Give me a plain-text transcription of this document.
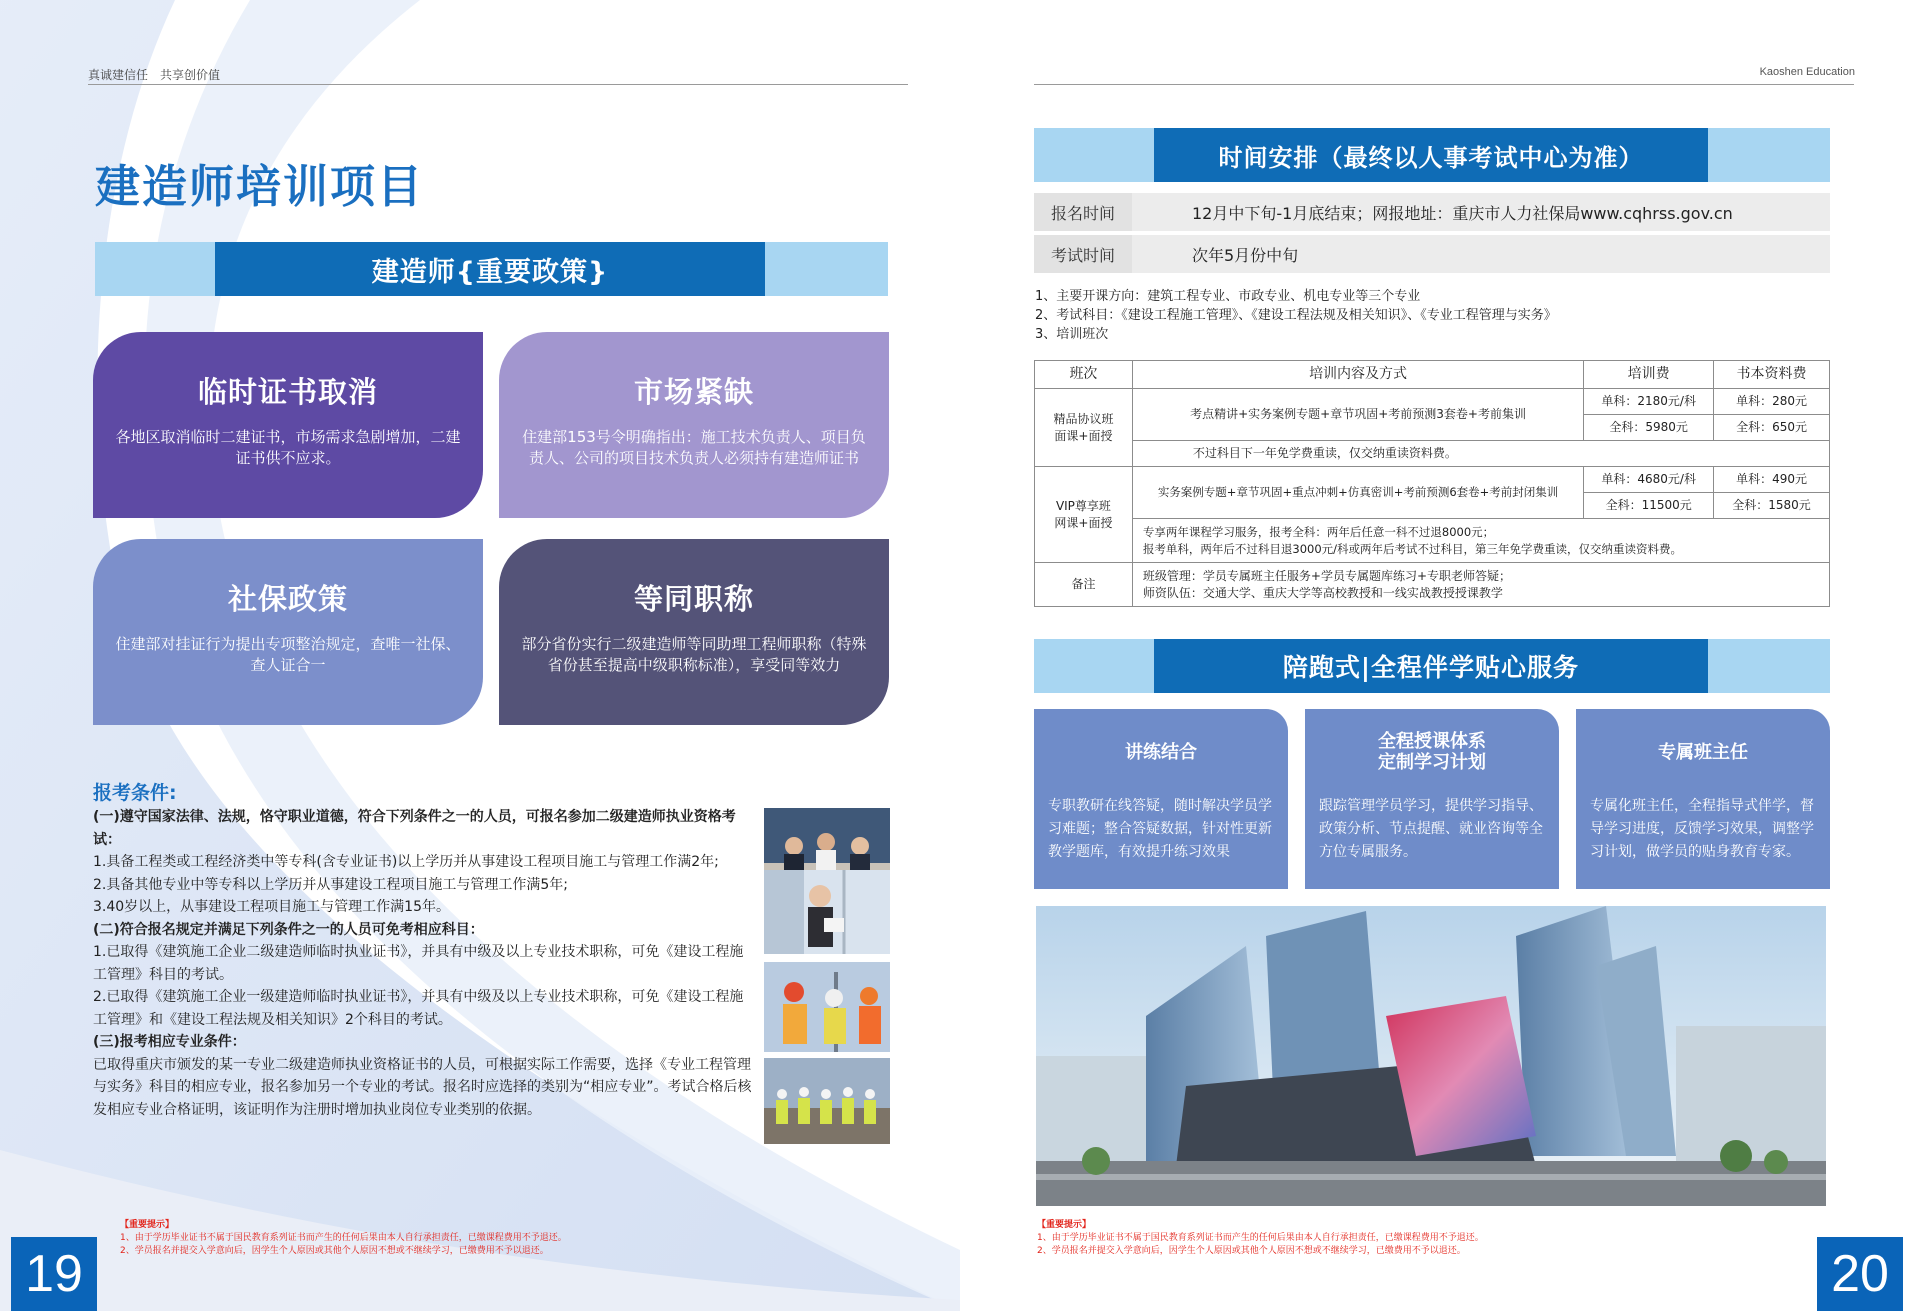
真诚建信任　共享创价值
建造师培训项目
建造师{重要政策}
临时证书取消
各地区取消临时二建证书，市场需求急剧增加，二建证书供不应求。
市场紧缺
住建部153号令明确指出：施工技术负责人、项目负责人、公司的项目技术负责人必须持有建造师证书
社保政策
住建部对挂证行为提出专项整治规定，查唯一社保、查人证合一
等同职称
部分省份实行二级建造师等同助理工程师职称（特殊省份甚至提高中级职称标准），享受同等效力
报考条件:
(一)遵守国家法律、法规，恪守职业道德，符合下列条件之一的人员，可报名参加二级建造师执业资格考试：
1.具备工程类或工程经济类中等专科(含专业证书)以上学历并从事建设工程项目施工与管理工作满2年;
2.具备其他专业中等专科以上学历并从事建设工程项目施工与管理工作满5年;
3.40岁以上，从事建设工程项目施工与管理工作满15年。
(二)符合报名规定并满足下列条件之一的人员可免考相应科目：
1.已取得《建筑施工企业二级建造师临时执业证书》，并具有中级及以上专业技术职称，可免《建设工程施工管理》科目的考试。
2.已取得《建筑施工企业一级建造师临时执业证书》，并具有中级及以上专业技术职称，可免《建设工程施工管理》和《建设工程法规及相关知识》2个科目的考试。
(三)报考相应专业条件：
已取得重庆市颁发的某一专业二级建造师执业资格证书的人员，可根据实际工作需要，选择《专业工程管理与实务》科目的相应专业，报名参加另一个专业的考试。报名时应选择的类别为“相应专业”。考试合格后核发相应专业合格证明，该证明作为注册时增加执业岗位专业类别的依据。
【重要提示】
1、由于学历毕业证书不属于国民教育系列证书而产生的任何后果由本人自行承担责任，已缴课程费用不予退还。
2、学员报名并提交入学意向后，因学生个人原因或其他个人原因不想或不继续学习，已缴费用不予以退还。
19
Kaoshen Education
时间安排（最终以人事考试中心为准）
报名时间	12月中下旬-1月底结束；网报地址：重庆市人力社保局www.cqhrss.gov.cn
考试时间	次年5月份中旬
1、主要开课方向：建筑工程专业、市政专业、机电专业等三个专业
2、考试科目：《建设工程施工管理》、《建设工程法规及相关知识》、《专业工程管理与实务》
3、培训班次
班次	培训内容及方式	培训费	书本资料费
精品协议班
面课+面授	考点精讲+实务案例专题+章节巩固+考前预测3套卷+考前集训	单科：2180元/科	单科：280元
		全科：5980元	全科：650元
	不过科目下一年免学费重读，仅交纳重读资料费。		
VIP尊享班
网课+面授	实务案例专题+章节巩固+重点冲刺+仿真密训+考前预测6套卷+考前封闭集训	单科：4680元/科	单科：490元
		全科：11500元	全科：1580元
	专享两年课程学习服务，报考全科：两年后任意一科不过退8000元；
报考单科，两年后不过科目退3000元/科或两年后考试不过科目，第三年免学费重读，仅交纳重读资料费。		
备注	班级管理：学员专属班主任服务+学员专属题库练习+专职老师答疑；
师资队伍：交通大学、重庆大学等高校教授和一线实战教授授课教学		
陪跑式|全程伴学贴心服务
讲练结合
专职教研在线答疑，随时解决学员学习难题；整合答疑数据，针对性更新教学题库，有效提升练习效果
全程授课体系
定制学习计划
跟踪管理学员学习，提供学习指导、政策分析、节点提醒、就业咨询等全方位专属服务。
专属班主任
专属化班主任，全程指导式伴学，督导学习进度，反馈学习效果，调整学习计划，做学员的贴身教育专家。
【重要提示】
1、由于学历毕业证书不属于国民教育系列证书而产生的任何后果由本人自行承担责任，已缴课程费用不予退还。
2、学员报名并提交入学意向后，因学生个人原因或其他个人原因不想或不继续学习，已缴费用不予以退还。	20
